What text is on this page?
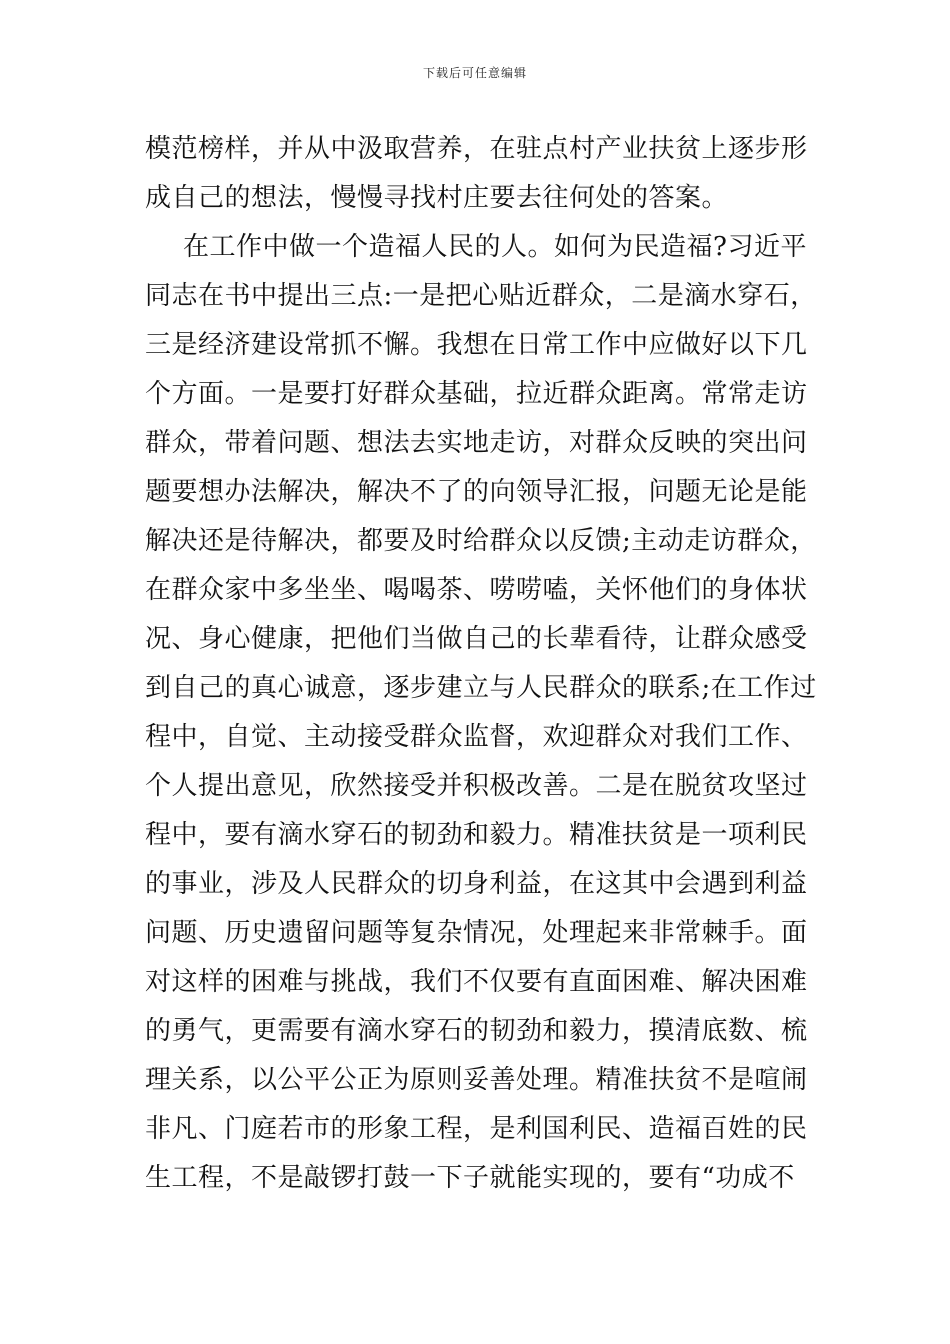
下载后可任意编辑
模范榜样，并从中汲取营养，在驻点村产业扶贫上逐步形
成自己的想法，慢慢寻找村庄要去往何处的答案。
在工作中做一个造福人民的人。如何为民造福?习近平
同志在书中提出三点:一是把心贴近群众，二是滴水穿石，
三是经济建设常抓不懈。我想在日常工作中应做好以下几
个方面。一是要打好群众基础，拉近群众距离。常常走访
群众，带着问题、想法去实地走访，对群众反映的突出问
题要想办法解决，解决不了的向领导汇报，问题无论是能
解决还是待解决，都要及时给群众以反馈;主动走访群众，
在群众家中多坐坐、喝喝茶、唠唠嗑，关怀他们的身体状
况、身心健康，把他们当做自己的长辈看待，让群众感受
到自己的真心诚意，逐步建立与人民群众的联系;在工作过
程中，自觉、主动接受群众监督，欢迎群众对我们工作、
个人提出意见，欣然接受并积极改善。二是在脱贫攻坚过
程中，要有滴水穿石的韧劲和毅力。精准扶贫是一项利民
的事业，涉及人民群众的切身利益，在这其中会遇到利益
问题、历史遗留问题等复杂情况，处理起来非常棘手。面
对这样的困难与挑战，我们不仅要有直面困难、解决困难
的勇气，更需要有滴水穿石的韧劲和毅力，摸清底数、梳
理关系，以公平公正为原则妥善处理。精准扶贫不是喧闹
非凡、门庭若市的形象工程，是利国利民、造福百姓的民
生工程，不是敲锣打鼓一下子就能实现的，要有“功成不
